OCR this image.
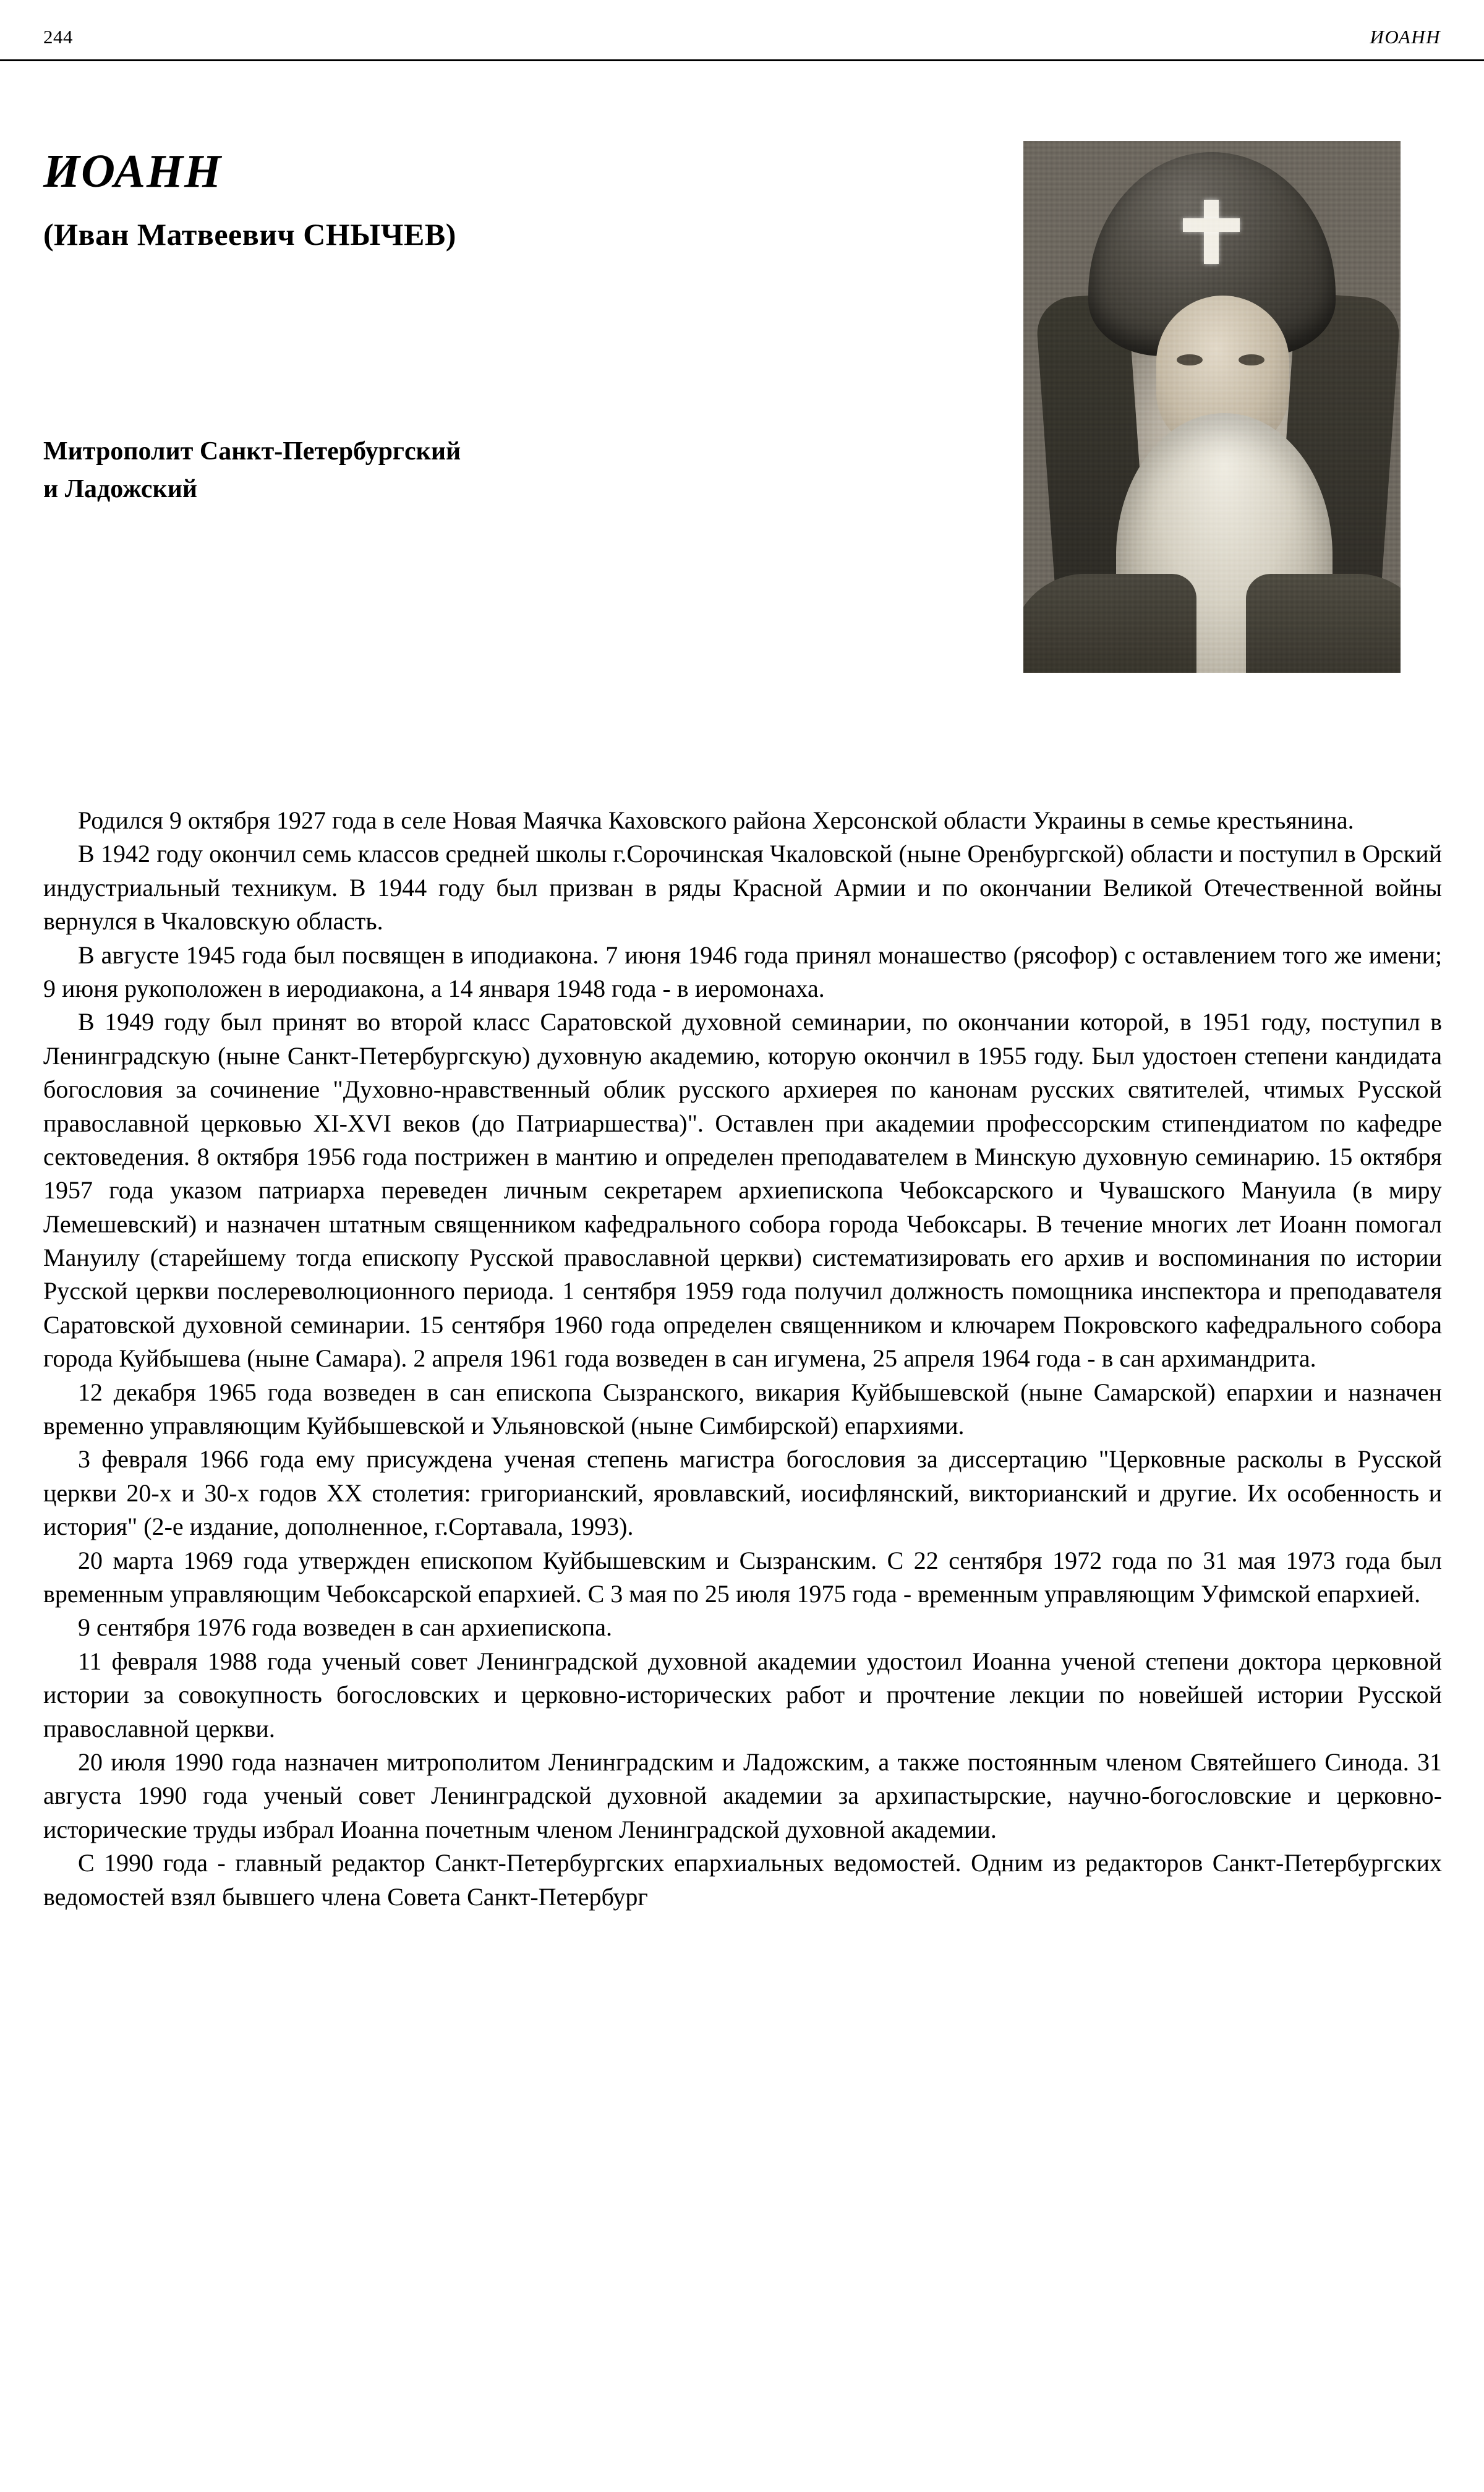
244	ИОАНН
ИОАНН
(Иван Матвеевич СНЫЧЕВ)
Митрополит Санкт-Петербургский
и Ладожский

Родился 9 октября 1927 года в селе Новая Маячка Каховского района Херсонской области Украины в семье крестьянина.

В 1942 году окончил семь классов средней школы г.Сорочинская Чкаловской (ныне Оренбургской) области и поступил в Орский индустриальный техникум. В 1944 году был призван в ряды Красной Армии и по окончании Великой Отечественной войны вернулся в Чкаловскую область.

В августе 1945 года был посвящен в иподиакона. 7 июня 1946 года принял монашество (рясофор) с оставлением того же имени; 9 июня рукоположен в иеродиакона, а 14 января 1948 года - в иеромонаха.

В 1949 году был принят во второй класс Саратовской духовной семинарии, по окончании которой, в 1951 году, поступил в Ленинградскую (ныне Санкт-Петербургскую) духовную академию, которую окончил в 1955 году. Был удостоен степени кандидата богословия за сочинение "Духовно-нравственный облик русского архиерея по канонам русских святителей, чтимых Русской православной церковью XI-XVI веков (до Патриаршества)". Оставлен при академии профессорским стипендиатом по кафедре сектоведения. 8 октября 1956 года пострижен в мантию и определен преподавателем в Минскую духовную семинарию. 15 октября 1957 года указом патриарха переведен личным секретарем архиепископа Чебоксарского и Чувашского Мануила (в миру Лемешевский) и назначен штатным священником кафедрального собора города Чебоксары. В течение многих лет Иоанн помогал Мануилу (старейшему тогда епископу Русской православной церкви) систематизировать его архив и воспоминания по истории Русской церкви послереволюционного периода. 1 сентября 1959 года получил должность помощника инспектора и преподавателя Саратовской духовной семинарии. 15 сентября 1960 года определен священником и ключарем Покровского кафедрального собора города Куйбышева (ныне Самара). 2 апреля 1961 года возведен в сан игумена, 25 апреля 1964 года - в сан архимандрита.

12 декабря 1965 года возведен в сан епископа Сызранского, викария Куйбышевской (ныне Самарской) епархии и назначен временно управляющим Куйбышевской и Ульяновской (ныне Симбирской) епархиями.

3 февраля 1966 года ему присуждена ученая степень магистра богословия за диссертацию "Церковные расколы в Русской церкви 20-х и 30-х годов XX столетия: григорианский, яровлавский, иосифлянский, викторианский и другие. Их особенность и история" (2-е издание, дополненное, г.Сортавала, 1993).

20 марта 1969 года утвержден епископом Куйбышевским и Сызранским. С 22 сентября 1972 года по 31 мая 1973 года был временным управляющим Чебоксарской епархией. С 3 мая по 25 июля 1975 года - временным управляющим Уфимской епархией.

9 сентября 1976 года возведен в сан архиепископа.

11 февраля 1988 года ученый совет Ленинградской духовной академии удостоил Иоанна ученой степени доктора церковной истории за совокупность богословских и церковно-исторических работ и прочтение лекции по новейшей истории Русской православной церкви.

20 июля 1990 года назначен митрополитом Ленинградским и Ладожским, а также постоянным членом Святейшего Синода. 31 августа 1990 года ученый совет Ленинградской духовной академии за архипастырские, научно-богословские и церковно-исторические труды избрал Иоанна почетным членом Ленинградской духовной академии.

С 1990 года - главный редактор Санкт-Петербургских епархиальных ведомостей. Одним из редакторов Санкт-Петербургских ведомостей взял бывшего члена Совета Санкт-Петербург
